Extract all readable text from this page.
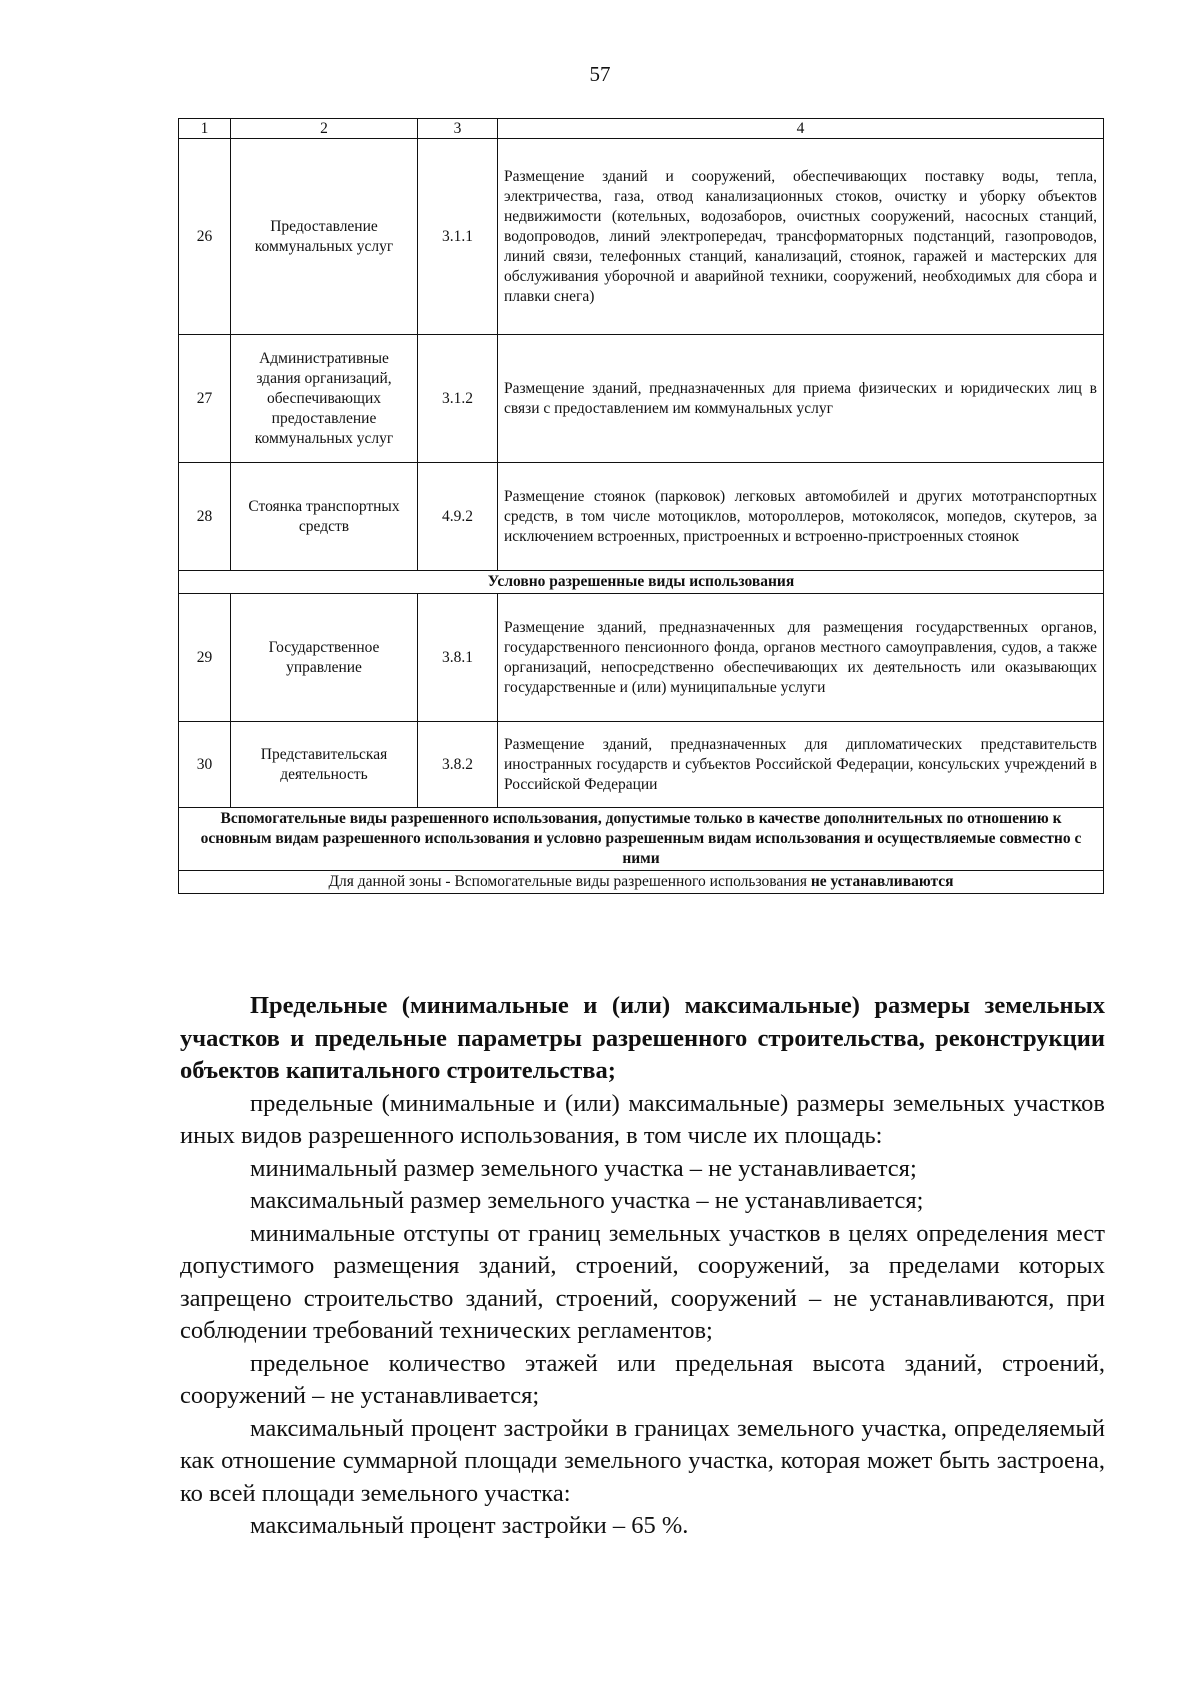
57
1	2	3	4
26	Предоставление коммунальных услуг	3.1.1	Размещение зданий и сооружений, обеспечивающих поставку воды, тепла, электричества, газа, отвод канализационных стоков, очистку и уборку объектов недвижимости (котельных, водозаборов, очистных сооружений, насосных станций, водопроводов, линий электропередач, трансформаторных подстанций, газопроводов, линий связи, телефонных станций, канализаций, стоянок, гаражей и мастерских для обслуживания уборочной и аварийной техники, сооружений, необходимых для сбора и плавки снега)
27	Административные здания организаций, обеспечивающих предоставление коммунальных услуг	3.1.2	Размещение зданий, предназначенных для приема физических и юридических лиц в связи с предоставлением им коммунальных услуг
28	Стоянка транспортных средств	4.9.2	Размещение стоянок (парковок) легковых автомобилей и других мототранспортных средств, в том числе мотоциклов, мотороллеров, мотоколясок, мопедов, скутеров, за исключением встроенных, пристроенных и встроенно-пристроенных стоянок
Условно разрешенные виды использования			
29	Государственное управление	3.8.1	Размещение зданий, предназначенных для размещения государственных органов, государственного пенсионного фонда, органов местного самоуправления, судов, а также организаций, непосредственно обеспечивающих их деятельность или оказывающих государственные и (или) муниципальные услуги
30	Представительская деятельность	3.8.2	Размещение зданий, предназначенных для дипломатических представительств иностранных государств и субъектов Российской Федерации, консульских учреждений в Российской Федерации
Вспомогательные виды разрешенного использования, допустимые только в качестве дополнительных по отношению к основным видам разрешенного использования и условно разрешенным видам использования и осуществляемые совместно с ними			
Для данной зоны - Вспомогательные виды разрешенного использования не устанавливаются			

Предельные (минимальные и (или) максимальные) размеры земельных участков и предельные параметры разрешенного строительства, реконструкции объектов капитального строительства;

предельные (минимальные и (или) максимальные) размеры земельных участков иных видов разрешенного использования, в том числе их площадь:

минимальный размер земельного участка – не устанавливается;

максимальный размер земельного участка – не устанавливается;

минимальные отступы от границ земельных участков в целях определения мест допустимого размещения зданий, строений, сооружений, за пределами которых запрещено строительство зданий, строений, сооружений – не устанавливаются, при соблюдении требований технических регламентов;

предельное количество этажей или предельная высота зданий, строений, сооружений – не устанавливается;

максимальный процент застройки в границах земельного участка, определяемый как отношение суммарной площади земельного участка, которая может быть застроена, ко всей площади земельного участка:

максимальный процент застройки – 65 %.
